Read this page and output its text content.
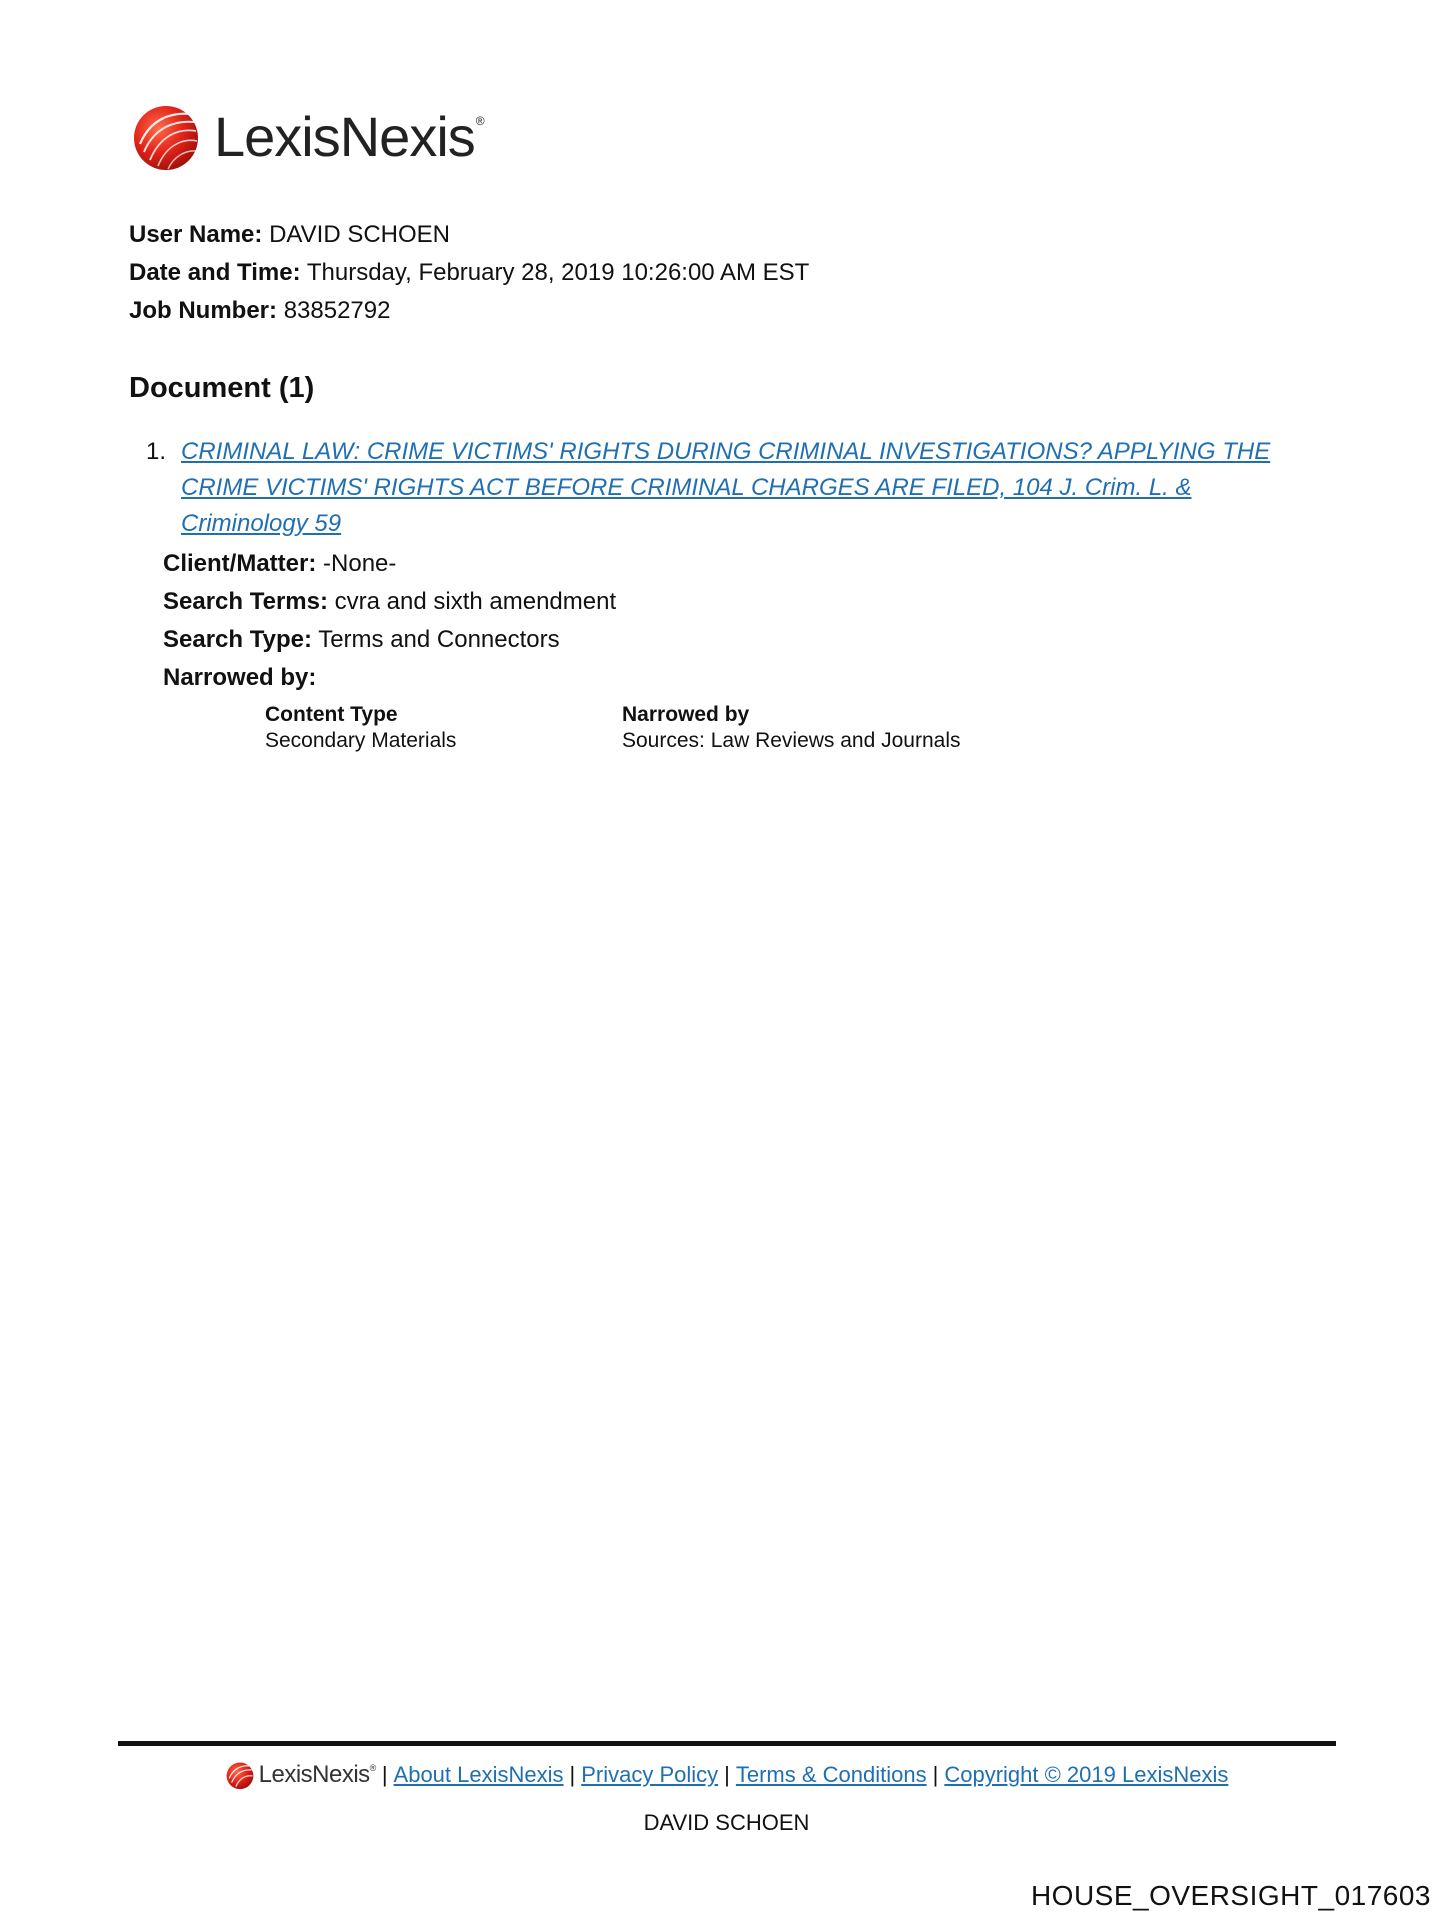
LexisNexis®
User Name: DAVID SCHOEN
Date and Time: Thursday, February 28, 2019 10:26:00 AM EST
Job Number: 83852792
Document (1)
1. CRIMINAL LAW: CRIME VICTIMS' RIGHTS DURING CRIMINAL INVESTIGATIONS? APPLYING THE CRIME VICTIMS' RIGHTS ACT BEFORE CRIMINAL CHARGES ARE FILED, 104 J. Crim. L. & Criminology 59
Client/Matter: -None-
Search Terms: cvra and sixth amendment
Search Type: Terms and Connectors
Narrowed by:
Content Type
Secondary Materials
Narrowed by
Sources: Law Reviews and Journals
LexisNexis® | About LexisNexis | Privacy Policy | Terms & Conditions | Copyright © 2019 LexisNexis
DAVID SCHOEN
HOUSE_OVERSIGHT_017603
